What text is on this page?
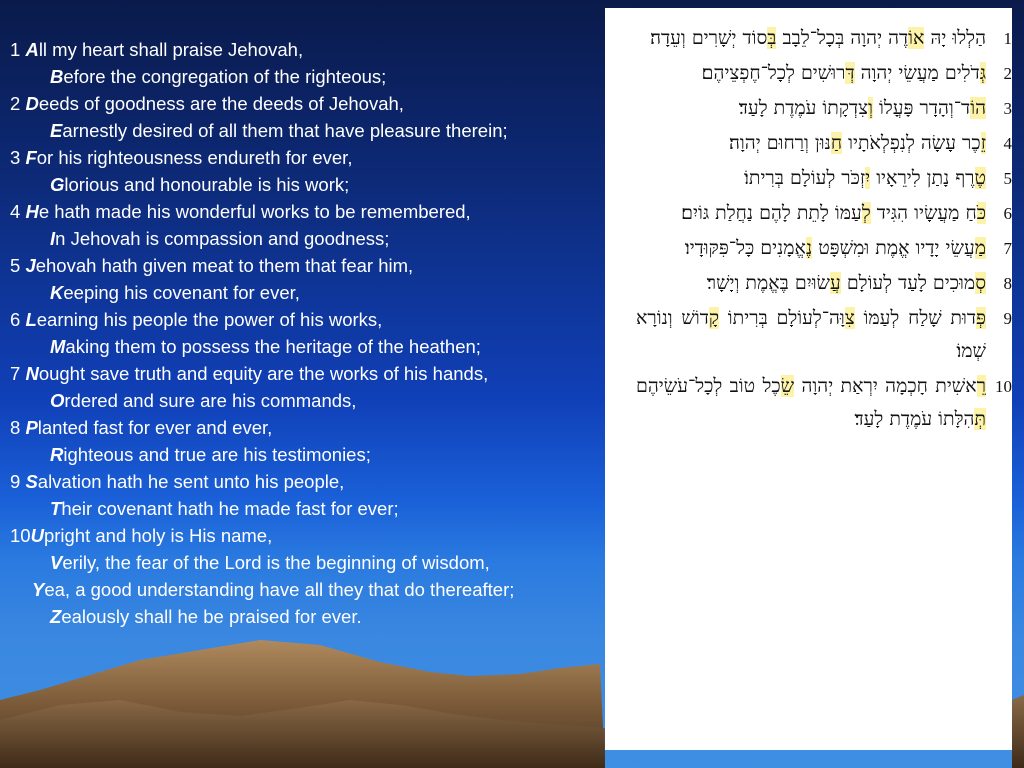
1 All my heart shall praise Jehovah,
Before the congregation of the righteous;
2 Deeds of goodness are the deeds of Jehovah,
Earnestly desired of all them that have pleasure therein;
3 For his righteousness endureth for ever,
Glorious and honourable is his work;
4 He hath made his wonderful works to be remembered,
In Jehovah is compassion and goodness;
5 Jehovah hath given meat to them that fear him,
Keeping his covenant for ever,
6 Learning his people the power of his works,
Making them to possess the heritage of the heathen;
7 Nought save truth and equity are the works of his hands,
Ordered and sure are his commands,
8 Planted fast for ever and ever,
Righteous and true are his testimonies;
9 Salvation hath he sent unto his people,
Their covenant hath he made fast for ever;
10Upright and holy is His name,
Verily, the fear of the Lord is the beginning of wisdom,
Yea, a good understanding have all they that do thereafter;
Zealously shall he be praised for ever.
1
הַלְלוּ יָהּ אוֹדֶה יְהוָה בְּכָל־לֵבָב בְּסוֹד יְשָׁרִים וְעֵדָה׃
2
גְּדֹלִים מַעֲשֵׂי יְהוָה דְּרוּשִׁים לְכָל־חֶפְצֵיהֶם׃
3
הוֹד־וְהָדָר פָּעֳלוֹ וְצִדְקָתוֹ עֹמֶדֶת לָעַד׃
4
זֵכֶר עָשָׂה לְנִפְלְאֹתָיו חַנּוּן וְרַחוּם יְהוָה׃
5
טֶרֶף נָתַן לִירֵאָיו יִזְכֹּר לְעוֹלָם בְּרִיתוֹ׃
6
כֹּחַ מַעֲשָׂיו הִגִּיד לְעַמּוֹ לָתֵת לָהֶם נַחֲלַת גּוֹיִם׃
7
מַעֲשֵׂי יָדָיו אֱמֶת וּמִשְׁפָּט נֶאֱמָנִים כָּל־פִּקּוּדָיו׃
8
סְמוּכִים לָעַד לְעוֹלָם עֲשׂוּיִם בֶּאֱמֶת וְיָשָׁר׃
9
פְּדוּת שָׁלַח לְעַמּוֹ צִוָּה־לְעוֹלָם בְּרִיתוֹ קָדוֹשׁ וְנוֹרָא שְׁמוֹ׃
10
רֵאשִׁית חָכְמָה יִרְאַת יְהוָה שֵׂכֶל טוֹב לְכָל־עֹשֵׂיהֶם תְּהִלָּתוֹ עֹמֶדֶת לָעַד׃
